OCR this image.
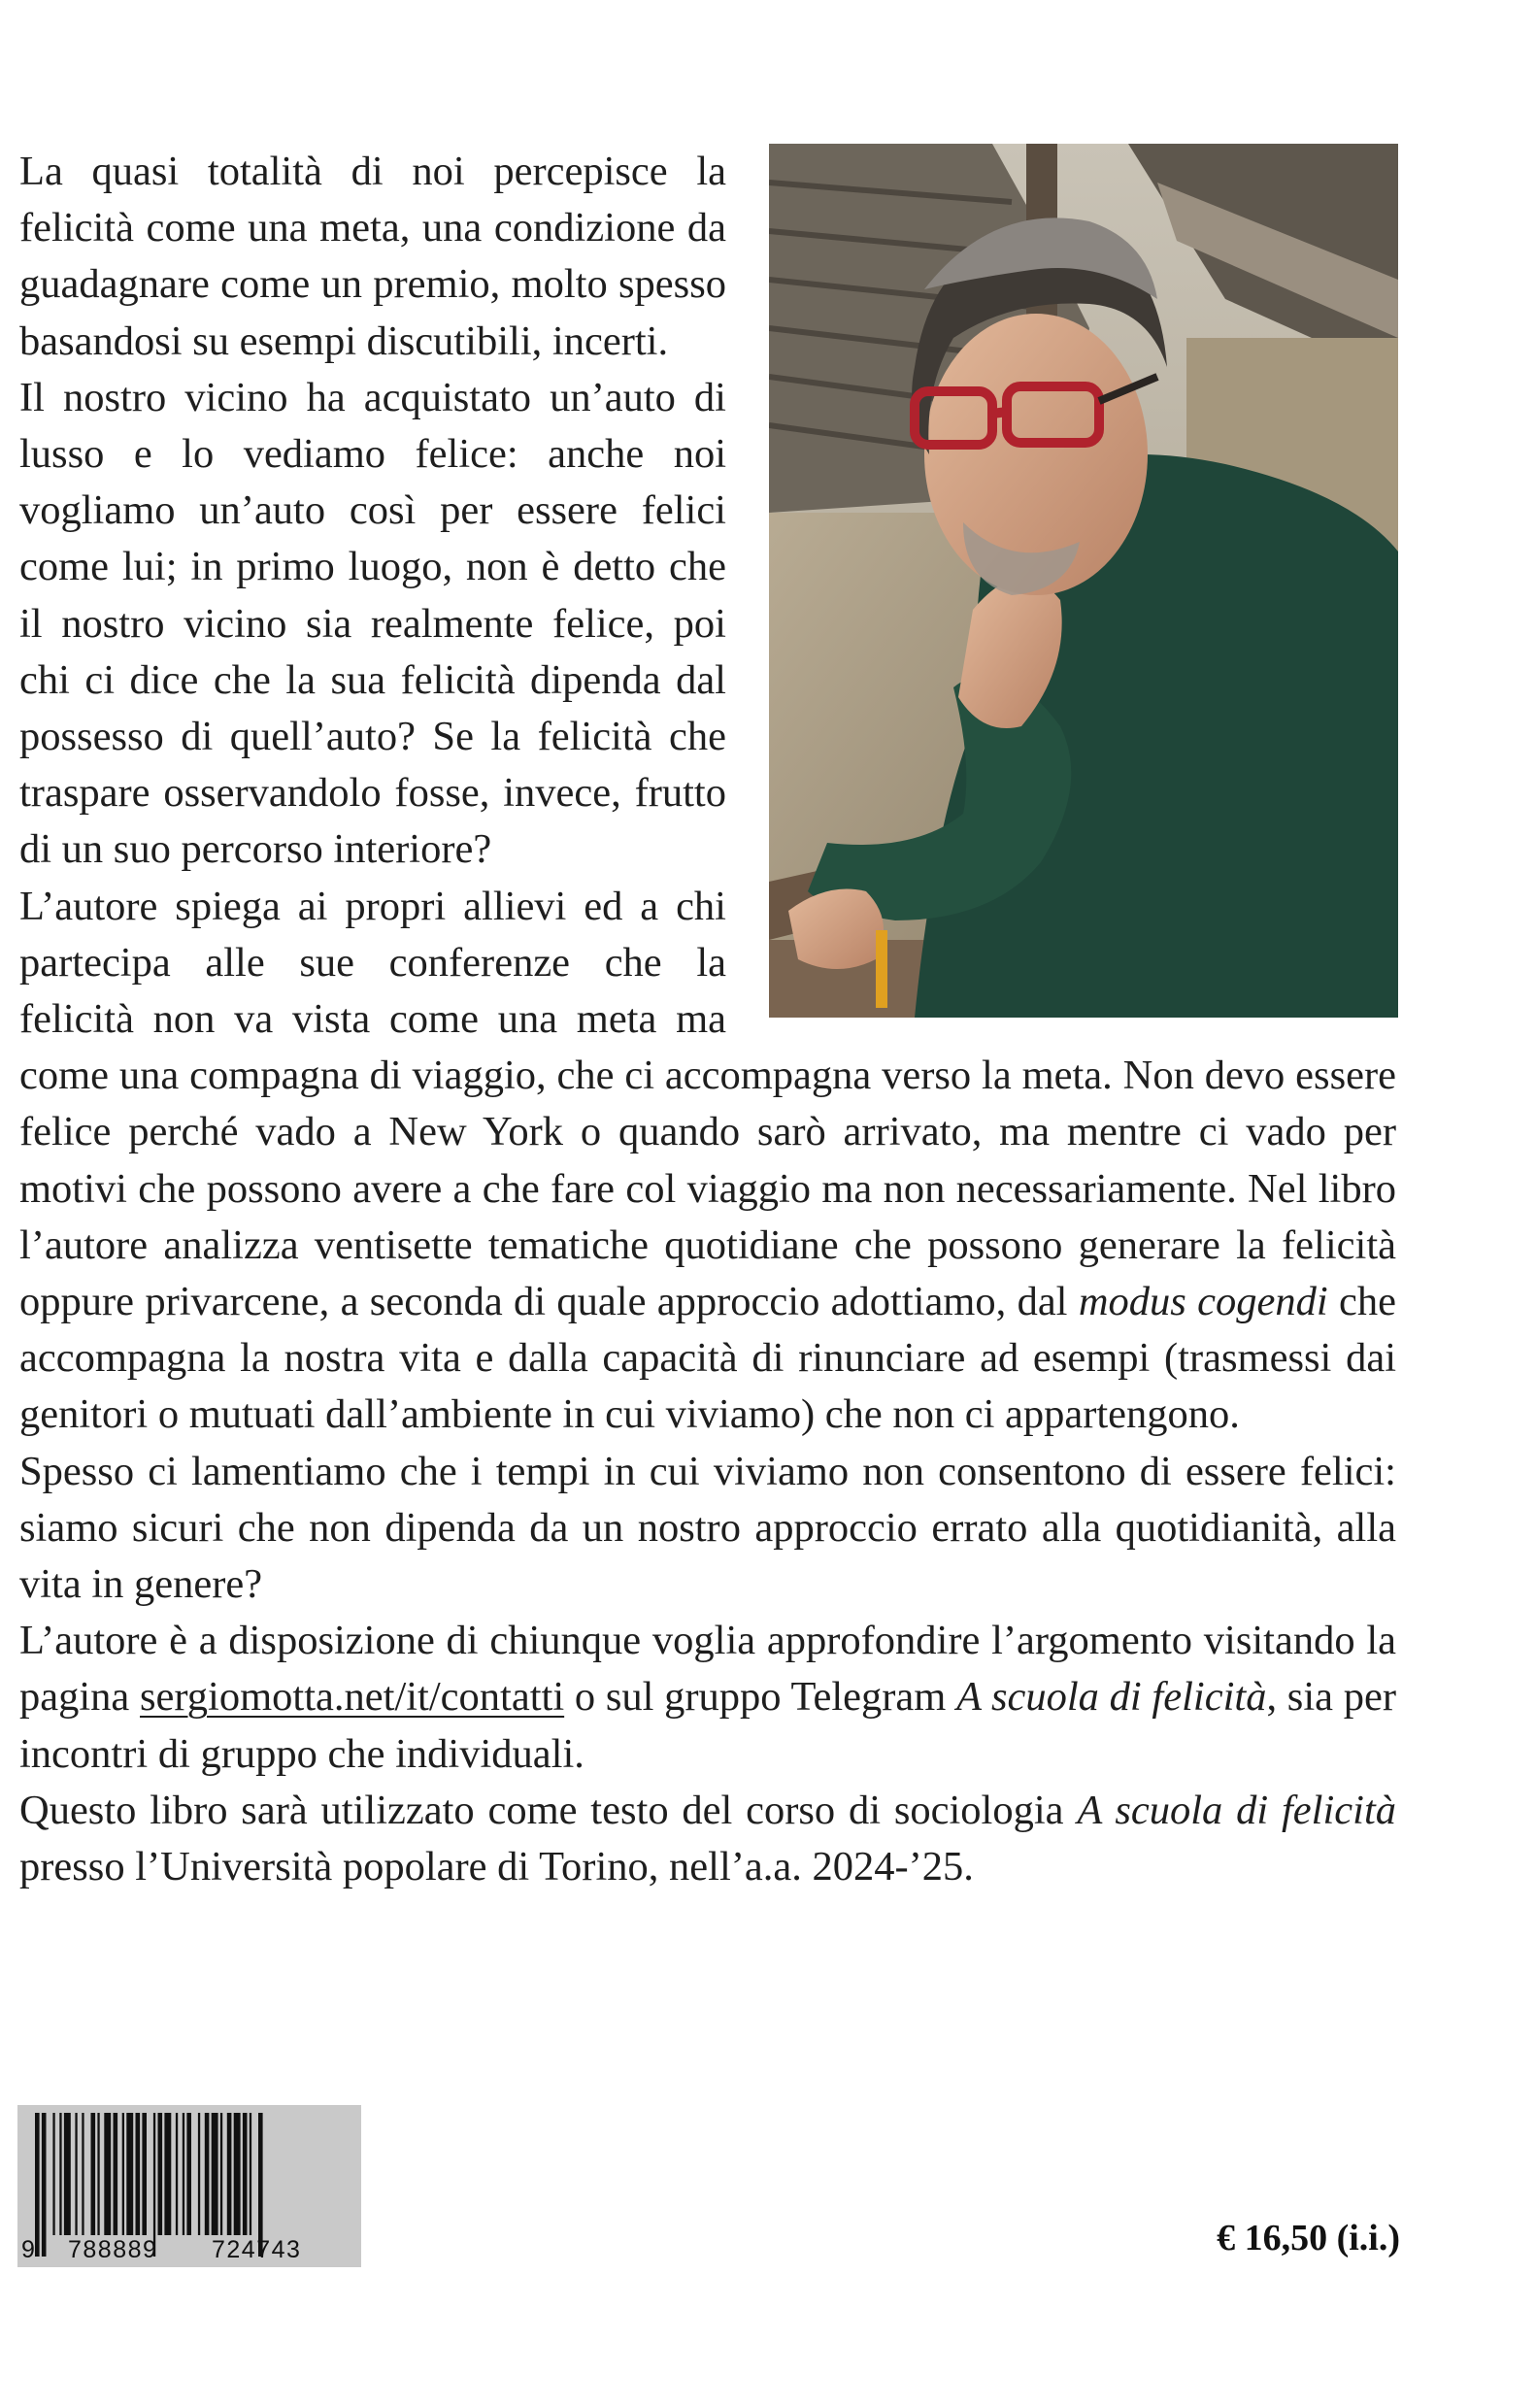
La quasi totalità di noi percepisce la felicità come una meta, una condizione da guadagnare come un premio, molto spesso basandosi su esempi discutibili, incerti.

Il nostro vicino ha acquistato un’auto di lusso e lo vediamo felice: anche noi vogliamo un’auto così per essere felici come lui; in primo luogo, non è detto che il nostro vicino sia realmente felice, poi chi ci dice che la sua felicità dipenda dal possesso di quell’auto? Se la felicità che traspare osservandolo fosse, invece, frutto di un suo percorso interiore?

L’autore spiega ai propri allievi ed a chi partecipa alle sue conferenze che la felicità non va vista come una meta ma come una compagna di viaggio, che ci accompagna verso la meta. Non devo essere felice perché vado a New York o quando sarò arrivato, ma mentre ci vado per motivi che possono avere a che fare col viaggio ma non necessariamente. Nel libro l’autore analizza ventisette tematiche quotidiane che possono generare la felicità oppure privarcene, a seconda di quale approccio adottiamo, dal modus cogendi che accompagna la nostra vita e dalla capacità di rinunciare ad esempi (trasmessi dai genitori o mutuati dall’ambiente in cui viviamo) che non ci appartengono.

Spesso ci lamentiamo che i tempi in cui viviamo non consentono di essere felici: siamo sicuri che non dipenda da un nostro approccio errato alla quotidianità, alla vita in genere?

L’autore è a disposizione di chiunque voglia approfondire l’argomento visitando la pagina sergiomotta.net/it/contatti o sul gruppo Telegram A scuola di felicità, sia per incontri di gruppo che individuali.

Questo libro sarà utilizzato come testo del corso di sociologia A scuola di felicità presso l’Università popolare di Torino, nell’a.a. 2024-’25.

9 788889 724743	€ 16,50 (i.i.)
